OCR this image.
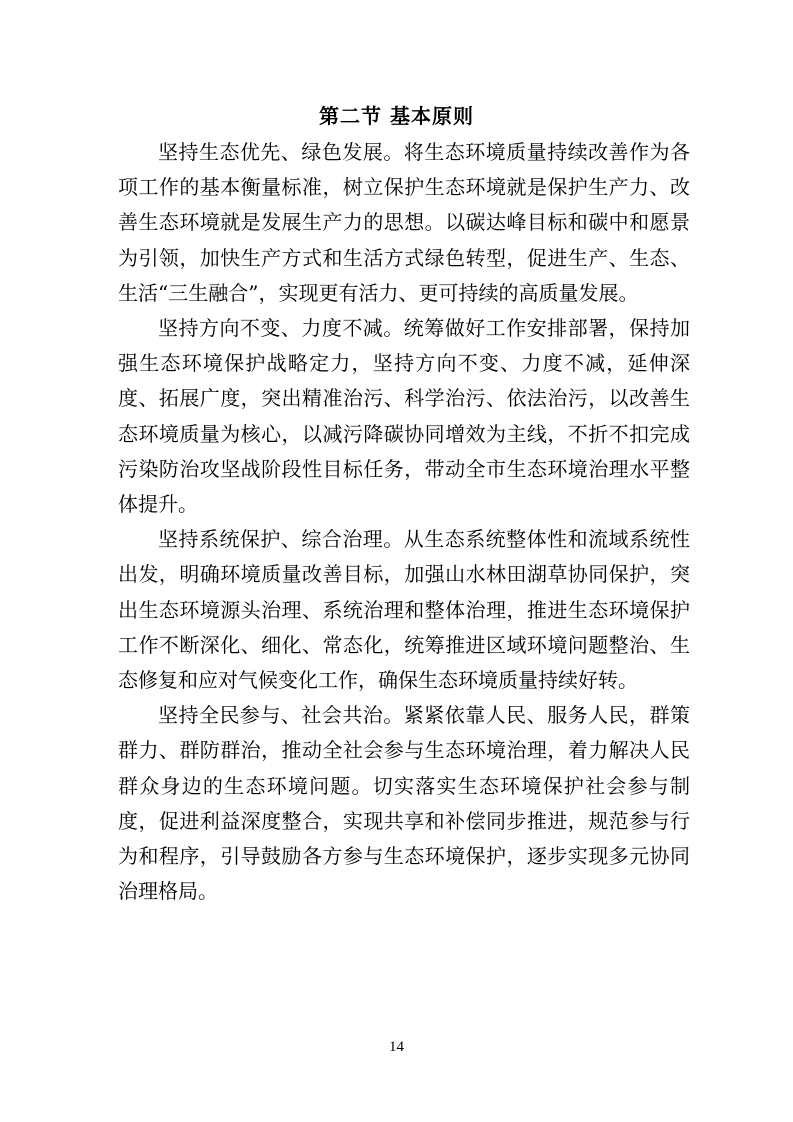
第二节 基本原则

坚持生态优先、绿色发展。将生态环境质量持续改善作为各项工作的基本衡量标准，树立保护生态环境就是保护生产力、改善生态环境就是发展生产力的思想。以碳达峰目标和碳中和愿景为引领，加快生产方式和生活方式绿色转型，促进生产、生态、生活“三生融合”，实现更有活力、更可持续的高质量发展。

坚持方向不变、力度不减。统筹做好工作安排部署，保持加强生态环境保护战略定力，坚持方向不变、力度不减，延伸深度、拓展广度，突出精准治污、科学治污、依法治污，以改善生态环境质量为核心，以减污降碳协同增效为主线，不折不扣完成污染防治攻坚战阶段性目标任务，带动全市生态环境治理水平整体提升。

坚持系统保护、综合治理。从生态系统整体性和流域系统性出发，明确环境质量改善目标，加强山水林田湖草协同保护，突出生态环境源头治理、系统治理和整体治理，推进生态环境保护工作不断深化、细化、常态化，统筹推进区域环境问题整治、生态修复和应对气候变化工作，确保生态环境质量持续好转。

坚持全民参与、社会共治。紧紧依靠人民、服务人民，群策群力、群防群治，推动全社会参与生态环境治理，着力解决人民群众身边的生态环境问题。切实落实生态环境保护社会参与制度，促进利益深度整合，实现共享和补偿同步推进，规范参与行为和程序，引导鼓励各方参与生态环境保护，逐步实现多元协同治理格局。

14
